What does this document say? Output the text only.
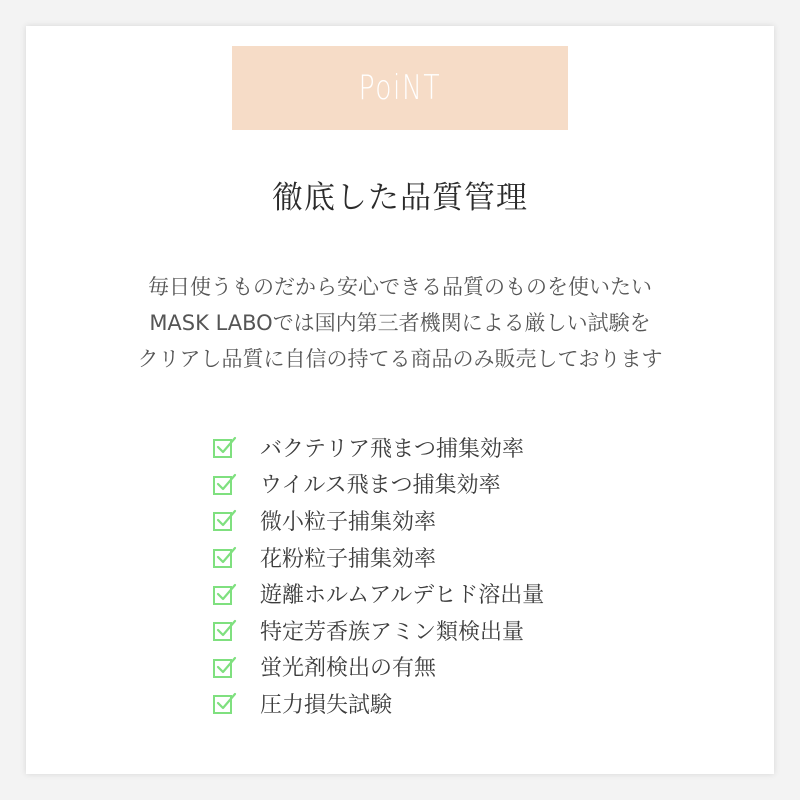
PoiNT
徹底した品質管理
毎日使うものだから安心できる品質のものを使いたい
MASK LABOでは国内第三者機関による厳しい試験を
クリアし品質に自信の持てる商品のみ販売しております
バクテリア飛まつ捕集効率
ウイルス飛まつ捕集効率
微小粒子捕集効率
花粉粒子捕集効率
遊離ホルムアルデヒド溶出量
特定芳香族アミン類検出量
蛍光剤検出の有無
圧力損失試験
